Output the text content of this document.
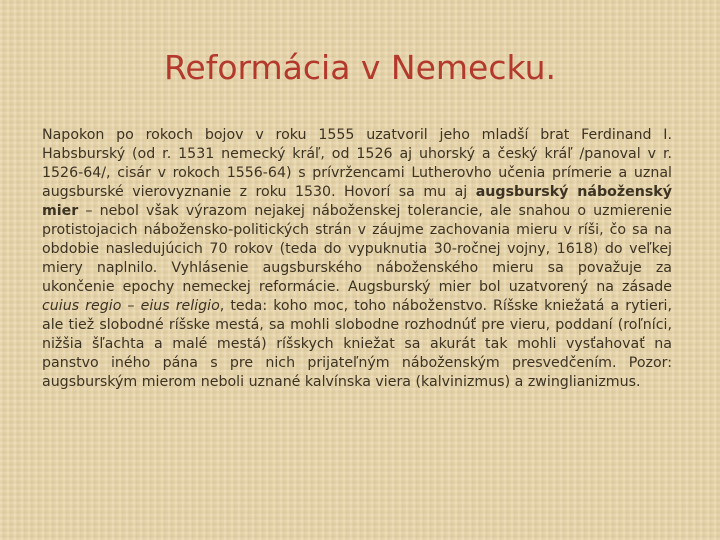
Reformácia v Nemecku.

Napokon po rokoch bojov v roku 1555 uzatvoril jeho mladší brat Ferdinand I. Habsburský (od r. 1531 nemecký kráľ, od 1526 aj uhorský a český kráľ /panoval v r. 1526-64/, cisár v rokoch 1556-64) s prívržencami Lutherovho učenia prímerie a uznal augsburské vierovyznanie z roku 1530. Hovorí sa mu aj augsburský náboženský mier – nebol však výrazom nejakej náboženskej tolerancie, ale snahou o uzmierenie protistojacich nábožensko-politických strán v záujme zachovania mieru v ríši, čo sa na obdobie nasledujúcich 70 rokov (teda do vypuknutia 30-ročnej vojny, 1618) do veľkej miery naplnilo. Vyhlásenie augsburského náboženského mieru sa považuje za ukončenie epochy nemeckej reformácie. Augsburský mier bol uzatvorený na zásade cuius regio – eius religio, teda: koho moc, toho náboženstvo. Ríšske kniežatá a rytieri, ale tiež slobodné ríšske mestá, sa mohli slobodne rozhodnúť pre vieru, poddaní (roľníci, nižšia šľachta a malé mestá) ríšskych kniežat sa akurát tak mohli vysťahovať na panstvo iného pána s pre nich prijateľným náboženským presvedčením. Pozor: augsburským mierom neboli uznané kalvínska viera (kalvinizmus) a zwinglianizmus.
